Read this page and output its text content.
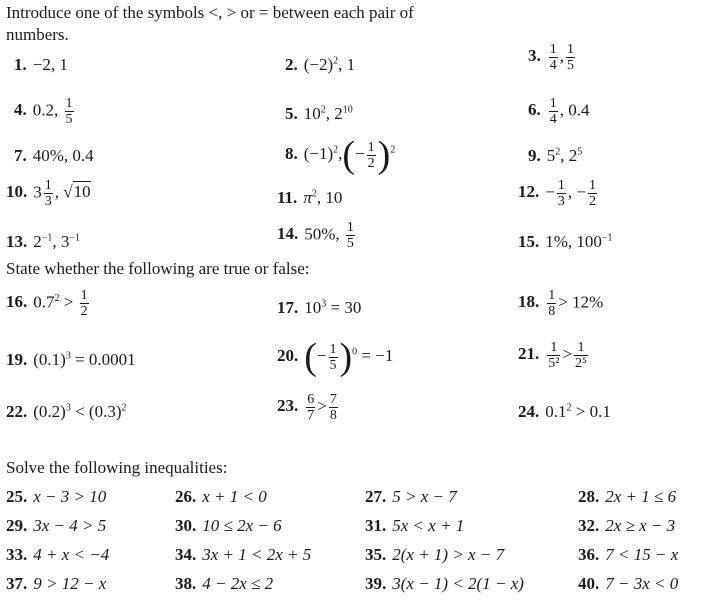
Introduce one of the symbols <, > or = between each pair of
numbers.
1. −2, 1	2. $(-2)^2$, 1	3. $\frac{1}{4}$ , $\frac{1}{5}$
4. 0.2, $\frac{1}{5}$	5. $10^2$, $2^{10}$	6. $\frac{1}{4}$ , 0.4
7. 40%, 0.4	8. $(-1)^2,(- \frac{1}{2} )^2$	9. $5^2$, $2^5$
10. $3 \frac{1}{3}$ , √10	11. $\pi^2$, 10	12. − $\frac{1}{3}$ , − $\frac{1}{2}$
13. $2^{-1}$, $3^{-1}$	14. 50%, $\frac{1}{5}$	15. 1%, $100^{-1}$
State whether the following are true or false:
16. $0.7^2 > \frac{1}{2}$	17. $10^3 = 30$	18. $\frac{1}{8} > 12\%$
19. $(0.1)^3 = 0.0001$	20. (− $\frac{1}{5} )^0 = -1$	21. $\frac{1}{\text{5²}} > \frac{1}{\text{2⁵}}$
22. $(0.2)^3 < (0.3)^2$	23. $\frac{6}{7} > \frac{7}{8}$	24. $0.1^2 > 0.1$
Solve the following inequalities:
25. x − 3 > 10	26. x + 1 < 0	27. 5 > x − 7	28. 2x + 1 ≤ 6
29. 3x − 4 > 5	30. 10 ≤ 2x − 6	31. 5x < x + 1	32. 2x ≥ x − 3
33. 4 + x < −4	34. 3x + 1 < 2x + 5	35. 2(x + 1) > x − 7	36. 7 < 15 − x
37. 9 > 12 − x	38. 4 − 2x ≤ 2	39. 3(x − 1) < 2(1 − x)	40. 7 − 3x < 0
